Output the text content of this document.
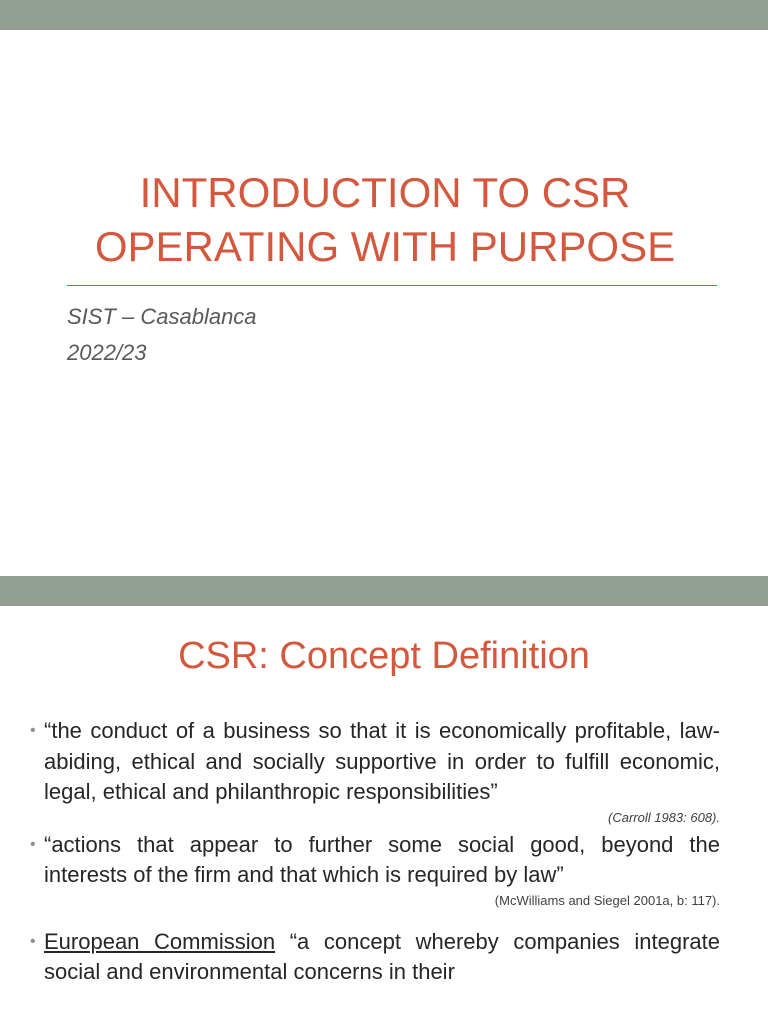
INTRODUCTION TO CSR
OPERATING WITH PURPOSE
SIST – Casablanca
2022/23
CSR: Concept Definition
• “the conduct of a business so that it is economically profitable, law-abiding, ethical and socially supportive in order to fulfill economic, legal, ethical and philanthropic responsibilities”
(Carroll 1983: 608).
• “actions that appear to further some social good, beyond the interests of the firm and that which is required by law”
(McWilliams and Siegel 2001a, b: 117).
• European Commission “a concept whereby companies integrate social and environmental concerns in their
